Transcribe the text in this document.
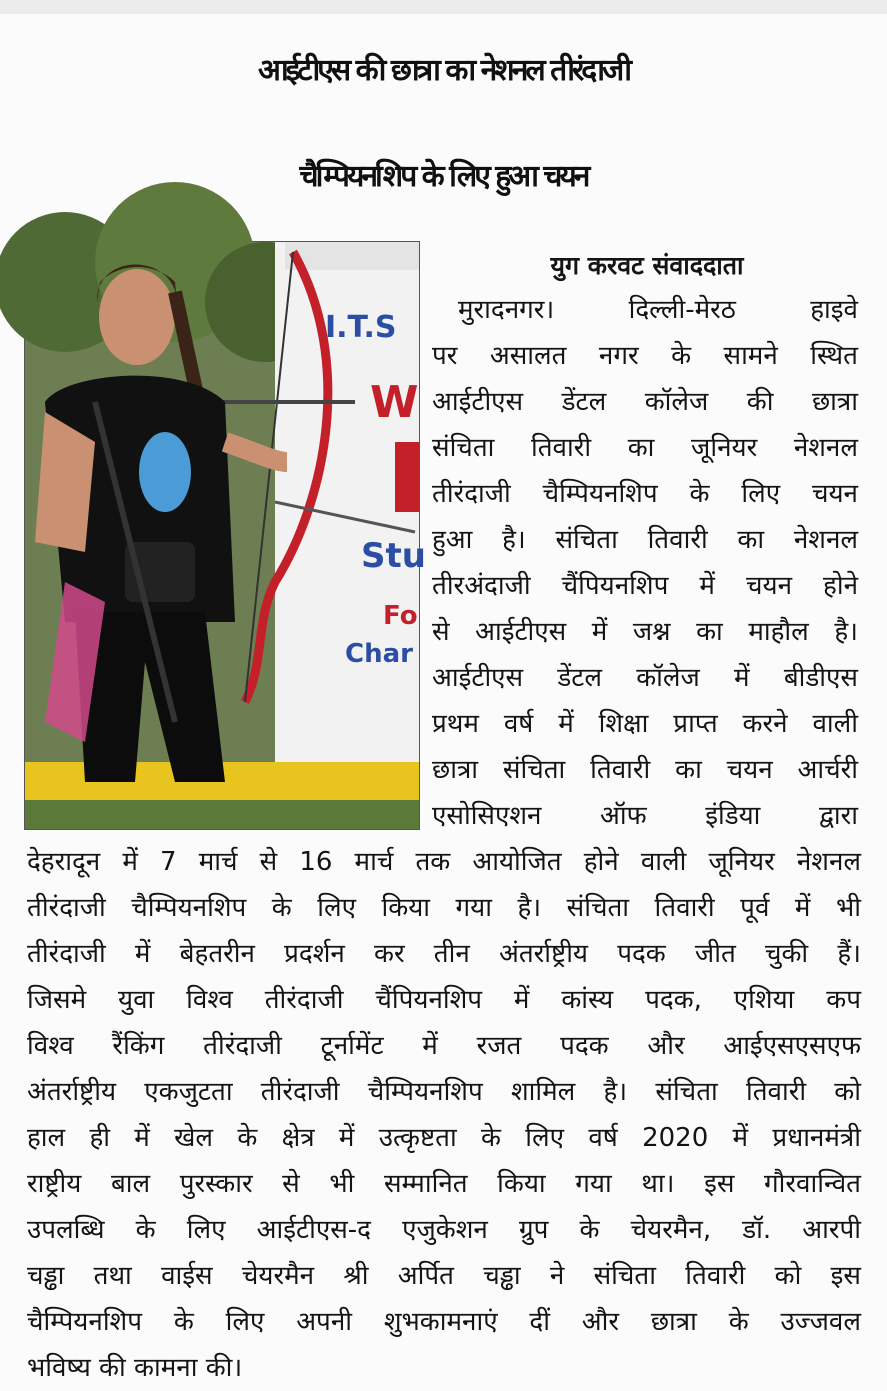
आईटीएस की छात्रा का नेशनल तीरंदाजी
चैम्पियनशिप के लिए हुआ चयन
I.T.S
W
Stu
Fo
Char
युग करवट संवाददाता
मुरादनगर। दिल्ली-मेरठ हाइवे
पर असालत नगर के सामने स्थित
आईटीएस डेंटल कॉलेज की छात्रा
संचिता तिवारी का जूनियर नेशनल
तीरंदाजी चैम्पियनशिप के लिए चयन
हुआ है। संचिता तिवारी का नेशनल
तीरअंदाजी चैंपियनशिप में चयन होने
से आईटीएस में जश्न का माहौल है।
आईटीएस डेंटल कॉलेज में बीडीएस
प्रथम वर्ष में शिक्षा प्राप्त करने वाली
छात्रा संचिता तिवारी का चयन आर्चरी
एसोसिएशन ऑफ इंडिया द्वारा
देहरादून में 7 मार्च से 16 मार्च तक आयोजित होने वाली जूनियर नेशनल
तीरंदाजी चैम्पियनशिप के लिए किया गया है। संचिता तिवारी पूर्व में भी
तीरंदाजी में बेहतरीन प्रदर्शन कर तीन अंतर्राष्ट्रीय पदक जीत चुकी हैं।
जिसमे युवा विश्व तीरंदाजी चैंपियनशिप में कांस्य पदक, एशिया कप
विश्व रैंकिंग तीरंदाजी टूर्नामेंट में रजत पदक और आईएसएसएफ
अंतर्राष्ट्रीय एकजुटता तीरंदाजी चैम्पियनशिप शामिल है। संचिता तिवारी को
हाल ही में खेल के क्षेत्र में उत्कृष्टता के लिए वर्ष 2020 में प्रधानमंत्री
राष्ट्रीय बाल पुरस्कार से भी सम्मानित किया गया था। इस गौरवान्वित
उपलब्धि के लिए आईटीएस-द एजुकेशन ग्रुप के चेयरमैन, डॉ. आरपी
चड्ढा तथा वाईस चेयरमैन श्री अर्पित चड्ढा ने संचिता तिवारी को इस
चैम्पियनशिप के लिए अपनी शुभकामनाएं दीं और छात्रा के उज्जवल
भविष्य की कामना की।
